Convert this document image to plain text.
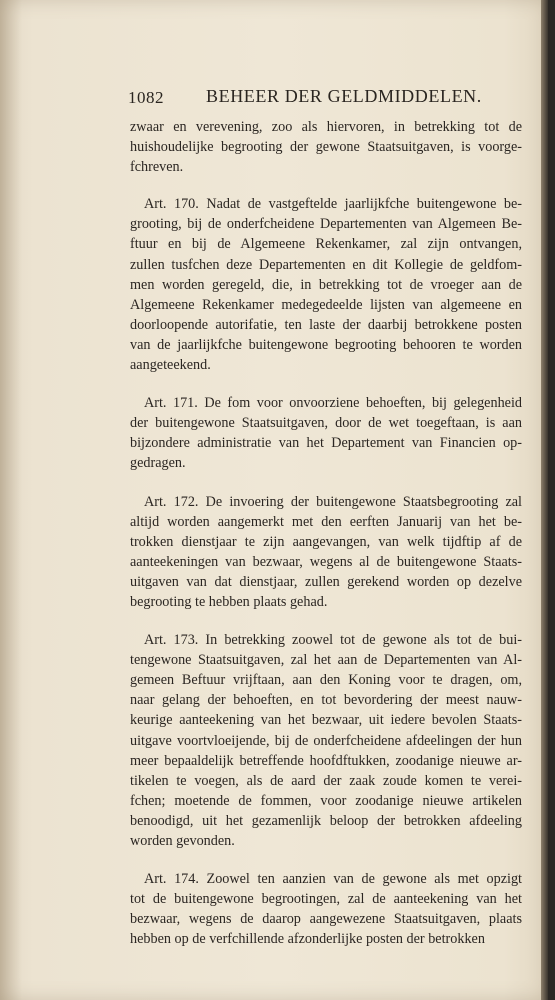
1082 BEHEER DER GELDMIDDELEN.

zwaar en verevening, zoo als hiervoren, in betrekking tot de
huishoudelijke begrooting der gewone Staatsuitgaven, is voorge-
fchreven.

Art. 170. Nadat de vastgeftelde jaarlijkfche buitengewone be-
grooting, bij de onderfcheidene Departementen van Algemeen Be-
ftuur en bij de Algemeene Rekenkamer, zal zijn ontvangen,
zullen tusfchen deze Departementen en dit Kollegie de geldfom-
men worden geregeld, die, in betrekking tot de vroeger aan de
Algemeene Rekenkamer medegedeelde lijsten van algemeene en
doorloopende autorifatie, ten laste der daarbij betrokkene posten
van de jaarlijkfche buitengewone begrooting behooren te worden
aangeteekend.

Art. 171. De fom voor onvoorziene behoeften, bij gelegenheid
der buitengewone Staatsuitgaven, door de wet toegeftaan, is aan
bijzondere administratie van het Departement van Financien op-
gedragen.

Art. 172. De invoering der buitengewone Staatsbegrooting zal
altijd worden aangemerkt met den eerften Januarij van het be-
trokken dienstjaar te zijn aangevangen, van welk tijdftip af de
aanteekeningen van bezwaar, wegens al de buitengewone Staats-
uitgaven van dat dienstjaar, zullen gerekend worden op dezelve
begrooting te hebben plaats gehad.

Art. 173. In betrekking zoowel tot de gewone als tot de bui-
tengewone Staatsuitgaven, zal het aan de Departementen van Al-
gemeen Beftuur vrijftaan, aan den Koning voor te dragen, om,
naar gelang der behoeften, en tot bevordering der meest nauw-
keurige aanteekening van het bezwaar, uit iedere bevolen Staats-
uitgave voortvloeijende, bij de onderfcheidene afdeelingen der hun
meer bepaaldelijk betreffende hoofdftukken, zoodanige nieuwe ar-
tikelen te voegen, als de aard der zaak zoude komen te verei-
fchen; moetende de fommen, voor zoodanige nieuwe artikelen
benoodigd, uit het gezamenlijk beloop der betrokken afdeeling
worden gevonden.

Art. 174. Zoowel ten aanzien van de gewone als met opzigt
tot de buitengewone begrootingen, zal de aanteekening van het
bezwaar, wegens de daarop aangewezene Staatsuitgaven, plaats
hebben op de verfchillende afzonderlijke posten der betrokken
